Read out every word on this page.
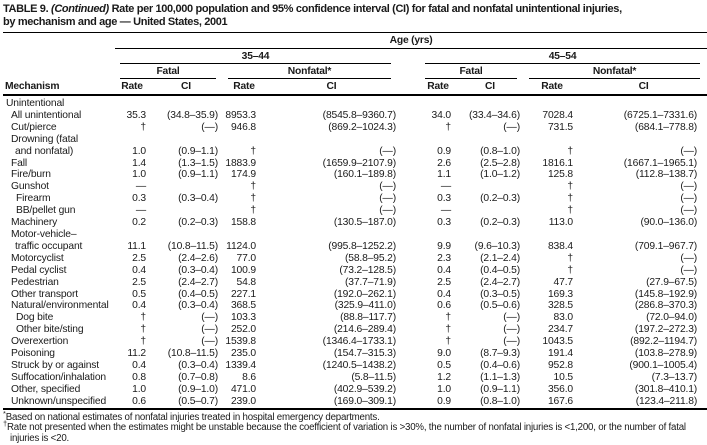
TABLE 9. (Continued) Rate per 100,000 population and 95% confidence interval (CI) for fatal and nonfatal unintentional injuries,
by mechanism and age — United States, 2001

	Age (yrs)								

	35–44					45–54			

	Fatal		Nonfatal*			Fatal		Nonfatal*	

Mechanism	Rate	CI	Rate	CI		Rate	CI	Rate	CI

Unintentional									

All unintentional	35.3	(34.8–35.9)	8953.3	(8545.8–9360.7)		34.0	(33.4–34.6)	7028.4	(6725.1–7331.6)

Cut/pierce	†	(—)	946.8	(869.2–1024.3)		†	(—)	731.5	(684.1–778.8)

Drowning (fatal
and nonfatal)	1.0	(0.9–1.1)	†	(—)		0.9	(0.8–1.0)	†	(—)

Fall	1.4	(1.3–1.5)	1883.9	(1659.9–2107.9)		2.6	(2.5–2.8)	1816.1	(1667.1–1965.1)

Fire/burn	1.0	(0.9–1.1)	174.9	(160.1–189.8)		1.1	(1.0–1.2)	125.8	(112.8–138.7)

Gunshot	—		†	(—)		—		†	(—)

Firearm	0.3	(0.3–0.4)	†	(—)		0.3	(0.2–0.3)	†	(—)

BB/pellet gun	—		†	(—)		—		†	(—)

Machinery	0.2	(0.2–0.3)	158.8	(130.5–187.0)		0.3	(0.2–0.3)	113.0	(90.0–136.0)

Motor-vehicle–
traffic occupant	11.1	(10.8–11.5)	1124.0	(995.8–1252.2)		9.9	(9.6–10.3)	838.4	(709.1–967.7)

Motorcyclist	2.5	(2.4–2.6)	77.0	(58.8–95.2)		2.3	(2.1–2.4)	†	(—)

Pedal cyclist	0.4	(0.3–0.4)	100.9	(73.2–128.5)		0.4	(0.4–0.5)	†	(—)

Pedestrian	2.5	(2.4–2.7)	54.8	(37.7–71.9)		2.5	(2.4–2.7)	47.7	(27.9–67.5)

Other transport	0.5	(0.4–0.5)	227.1	(192.0–262.1)		0.4	(0.3–0.5)	169.3	(145.8–192.9)

Natural/environmental	0.4	(0.3–0.4)	368.5	(325.9–411.0)		0.6	(0.5–0.6)	328.5	(286.8–370.3)

Dog bite	†	(—)	103.3	(88.8–117.7)		†	(—)	83.0	(72.0–94.0)

Other bite/sting	†	(—)	252.0	(214.6–289.4)		†	(—)	234.7	(197.2–272.3)

Overexertion	†	(—)	1539.8	(1346.4–1733.1)		†	(—)	1043.5	(892.2–1194.7)

Poisoning	11.2	(10.8–11.5)	235.0	(154.7–315.3)		9.0	(8.7–9.3)	191.4	(103.8–278.9)

Struck by or against	0.4	(0.3–0.4)	1339.4	(1240.5–1438.2)		0.5	(0.4–0.6)	952.8	(900.1–1005.4)

Suffocation/inhalation	0.8	(0.7–0.8)	8.6	(5.8–11.5)		1.2	(1.1–1.3)	10.5	(7.3–13.7)

Other, specified	1.0	(0.9–1.0)	471.0	(402.9–539.2)		1.0	(0.9–1.1)	356.0	(301.8–410.1)

Unknown/unspecified	0.6	(0.5–0.7)	239.0	(169.0–309.1)		0.9	(0.8–1.0)	167.6	(123.4–211.8)
*Based on national estimates of nonfatal injuries treated in hospital emergency departments.
†Rate not presented when the estimates might be unstable because the coefficient of variation is >30%, the number of nonfatal injuries is <1,200, or the number of fatal injuries is <20.
